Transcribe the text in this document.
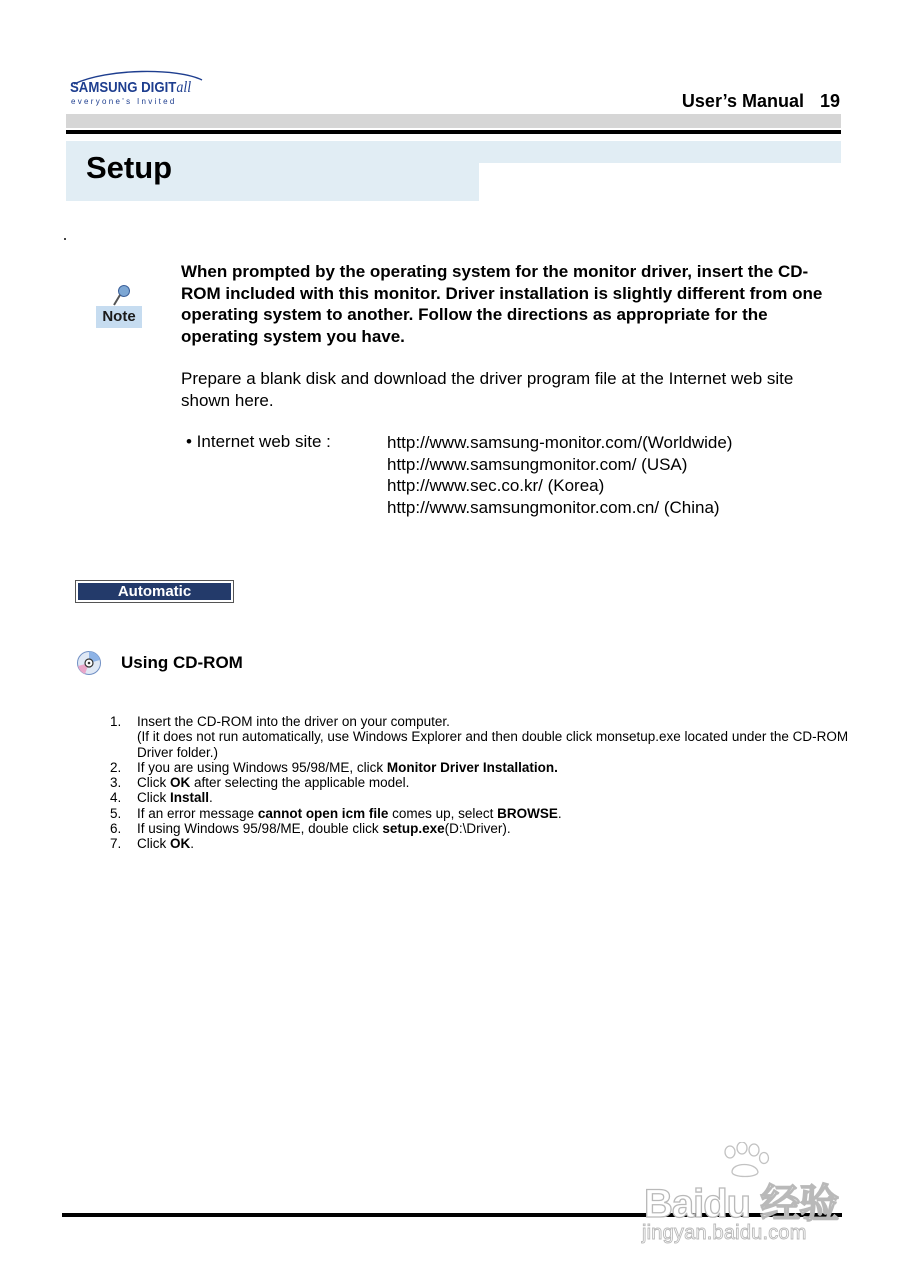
SAMSUNG DIGITall
everyone's Invited	User’s Manual 19
Setup
Note
When prompted by the operating system for the monitor driver, insert the CD-ROM included with this monitor. Driver installation is slightly different from one operating system to another. Follow the directions as appropriate for the operating system you have.
Prepare a blank disk and download the driver program file at the Internet web site shown here.
• Internet web site :	http://www.samsung-monitor.com/(Worldwide)
http://www.samsungmonitor.com/ (USA)
http://www.sec.co.kr/ (Korea)
http://www.samsungmonitor.com.cn/ (China)
Automatic
Using CD-ROM
1.	Insert the CD-ROM into the driver on your computer.
(If it does not run automatically, use Windows Explorer and then double click monsetup.exe located under the CD-ROM Driver folder.)
2.	If you are using Windows 95/98/ME, click Monitor Driver Installation.
3.	Click OK after selecting the applicable model.
4.	Click Install.
5.	If an error message cannot open icm file comes up, select BROWSE.
6.	If using Windows 95/98/ME, double click setup.exe(D:\Driver).
7.	Click OK.
Baidu 经验
jingyan.baidu.com
